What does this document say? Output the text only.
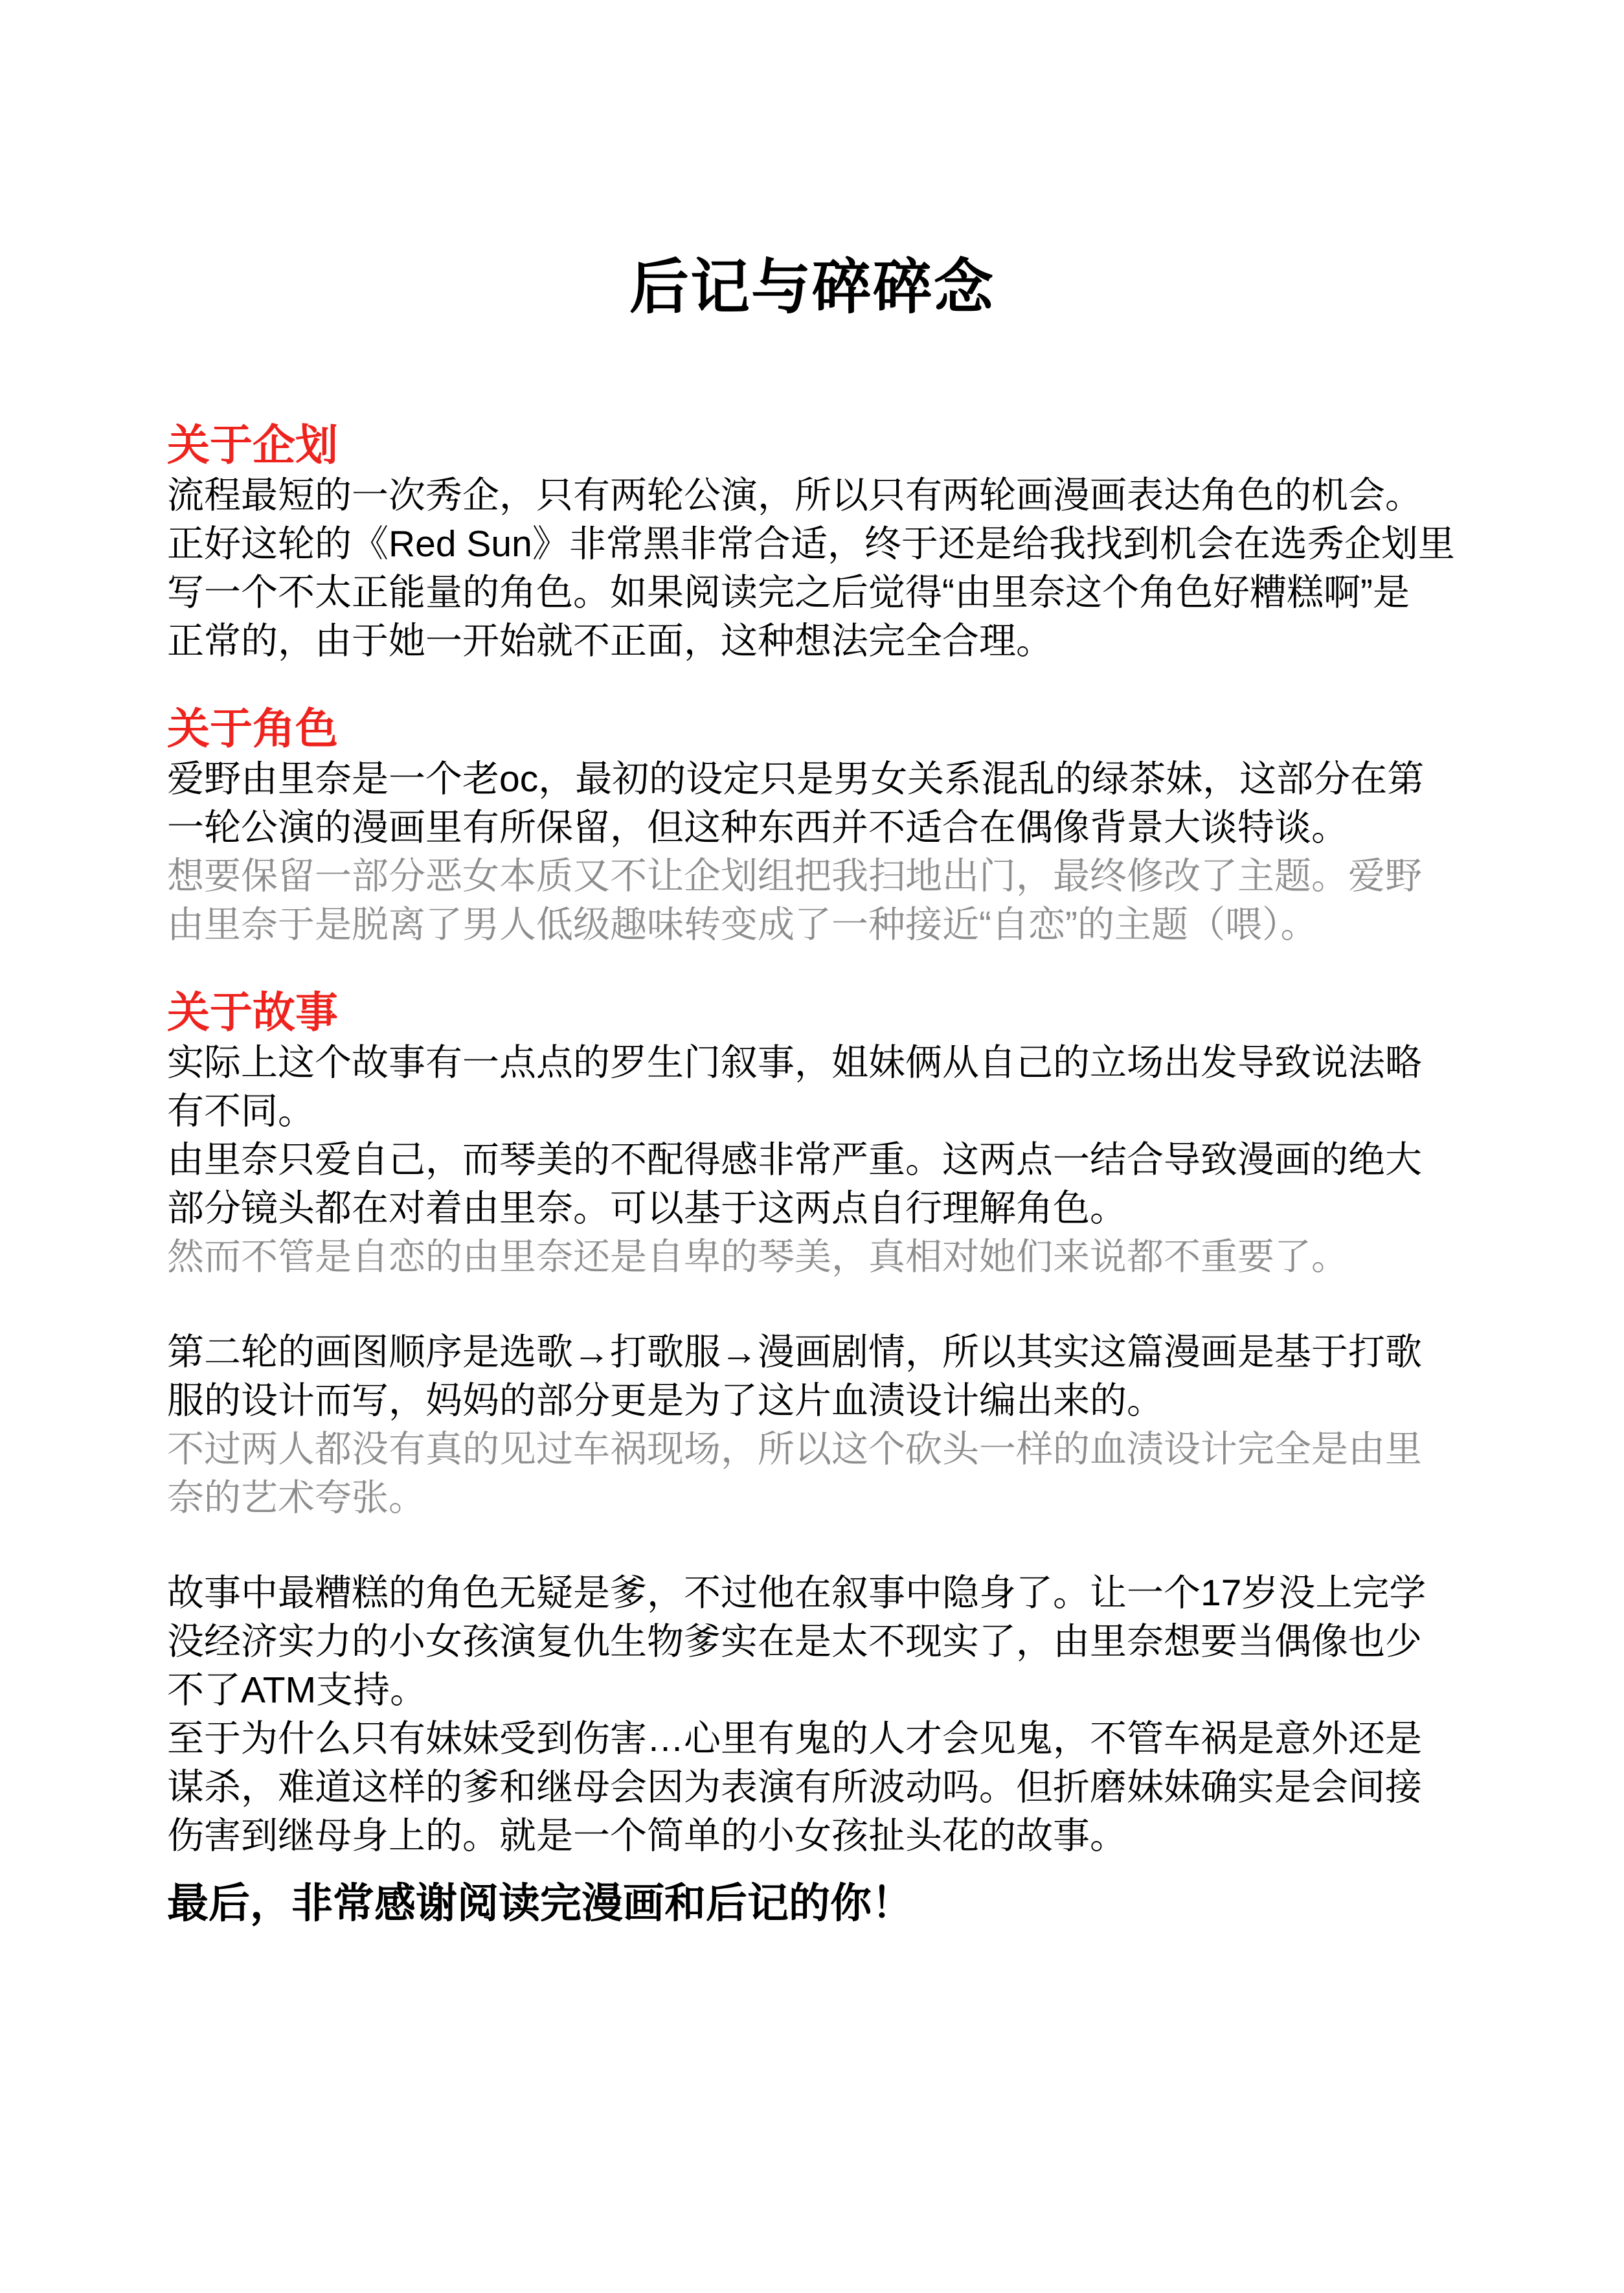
后记与碎碎念
关于企划
流程最短的一次秀企，只有两轮公演，所以只有两轮画漫画表达角色的机会。
正好这轮的《Red Sun》非常黑非常合适，终于还是给我找到机会在选秀企划里
写一个不太正能量的角色。如果阅读完之后觉得“由里奈这个角色好糟糕啊”是
正常的，由于她一开始就不正面，这种想法完全合理。
关于角色
爱野由里奈是一个老oc，最初的设定只是男女关系混乱的绿茶妹，这部分在第
一轮公演的漫画里有所保留，但这种东西并不适合在偶像背景大谈特谈。
想要保留一部分恶女本质又不让企划组把我扫地出门，最终修改了主题。爱野
由里奈于是脱离了男人低级趣味转变成了一种接近“自恋”的主题（喂）。
关于故事
实际上这个故事有一点点的罗生门叙事，姐妹俩从自己的立场出发导致说法略
有不同。
由里奈只爱自己，而琴美的不配得感非常严重。这两点一结合导致漫画的绝大
部分镜头都在对着由里奈。可以基于这两点自行理解角色。
然而不管是自恋的由里奈还是自卑的琴美，真相对她们来说都不重要了。
第二轮的画图顺序是选歌→打歌服→漫画剧情，所以其实这篇漫画是基于打歌
服的设计而写，妈妈的部分更是为了这片血渍设计编出来的。
不过两人都没有真的见过车祸现场，所以这个砍头一样的血渍设计完全是由里
奈的艺术夸张。
故事中最糟糕的角色无疑是爹，不过他在叙事中隐身了。让一个17岁没上完学
没经济实力的小女孩演复仇生物爹实在是太不现实了，由里奈想要当偶像也少
不了ATM支持。
至于为什么只有妹妹受到伤害…心里有鬼的人才会见鬼，不管车祸是意外还是
谋杀，难道这样的爹和继母会因为表演有所波动吗。但折磨妹妹确实是会间接
伤害到继母身上的。就是一个简单的小女孩扯头花的故事。

最后，非常感谢阅读完漫画和后记的你！
